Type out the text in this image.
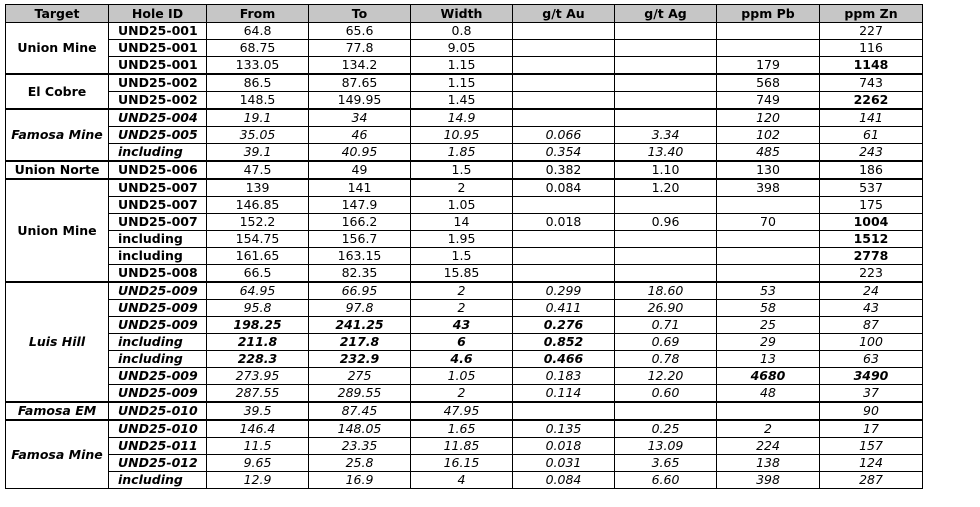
Target	Hole ID	From	To	Width	g/t Au	g/t Ag	ppm Pb	ppm Zn
Union Mine	UND25-001	64.8	65.6	0.8				227
	UND25-001	68.75	77.8	9.05				116
	UND25-001	133.05	134.2	1.15			179	1148
El Cobre	UND25-002	86.5	87.65	1.15			568	743
	UND25-002	148.5	149.95	1.45			749	2262
Famosa Mine	UND25-004	19.1	34	14.9			120	141
	UND25-005	35.05	46	10.95	0.066	3.34	102	61
	including	39.1	40.95	1.85	0.354	13.40	485	243
Union Norte	UND25-006	47.5	49	1.5	0.382	1.10	130	186
Union Mine	UND25-007	139	141	2	0.084	1.20	398	537
	UND25-007	146.85	147.9	1.05				175
	UND25-007	152.2	166.2	14	0.018	0.96	70	1004
	including	154.75	156.7	1.95				1512
	including	161.65	163.15	1.5				2778
	UND25-008	66.5	82.35	15.85				223
Luis Hill	UND25-009	64.95	66.95	2	0.299	18.60	53	24
	UND25-009	95.8	97.8	2	0.411	26.90	58	43
	UND25-009	198.25	241.25	43	0.276	0.71	25	87
	including	211.8	217.8	6	0.852	0.69	29	100
	including	228.3	232.9	4.6	0.466	0.78	13	63
	UND25-009	273.95	275	1.05	0.183	12.20	4680	3490
	UND25-009	287.55	289.55	2	0.114	0.60	48	37
Famosa EM	UND25-010	39.5	87.45	47.95				90
Famosa Mine	UND25-010	146.4	148.05	1.65	0.135	0.25	2	17
	UND25-011	11.5	23.35	11.85	0.018	13.09	224	157
	UND25-012	9.65	25.8	16.15	0.031	3.65	138	124
	including	12.9	16.9	4	0.084	6.60	398	287
